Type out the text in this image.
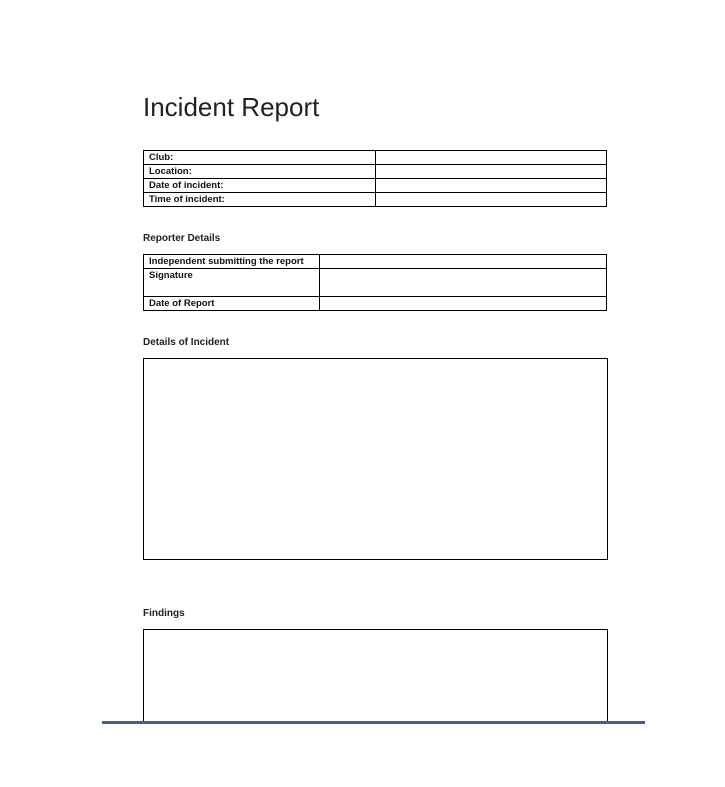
Incident Report
Club:	
Location:	
Date of incident:	
Time of incident:	
Reporter Details
Independent submitting the report	
Signature	
Date of Report	
Details of Incident
Findings
